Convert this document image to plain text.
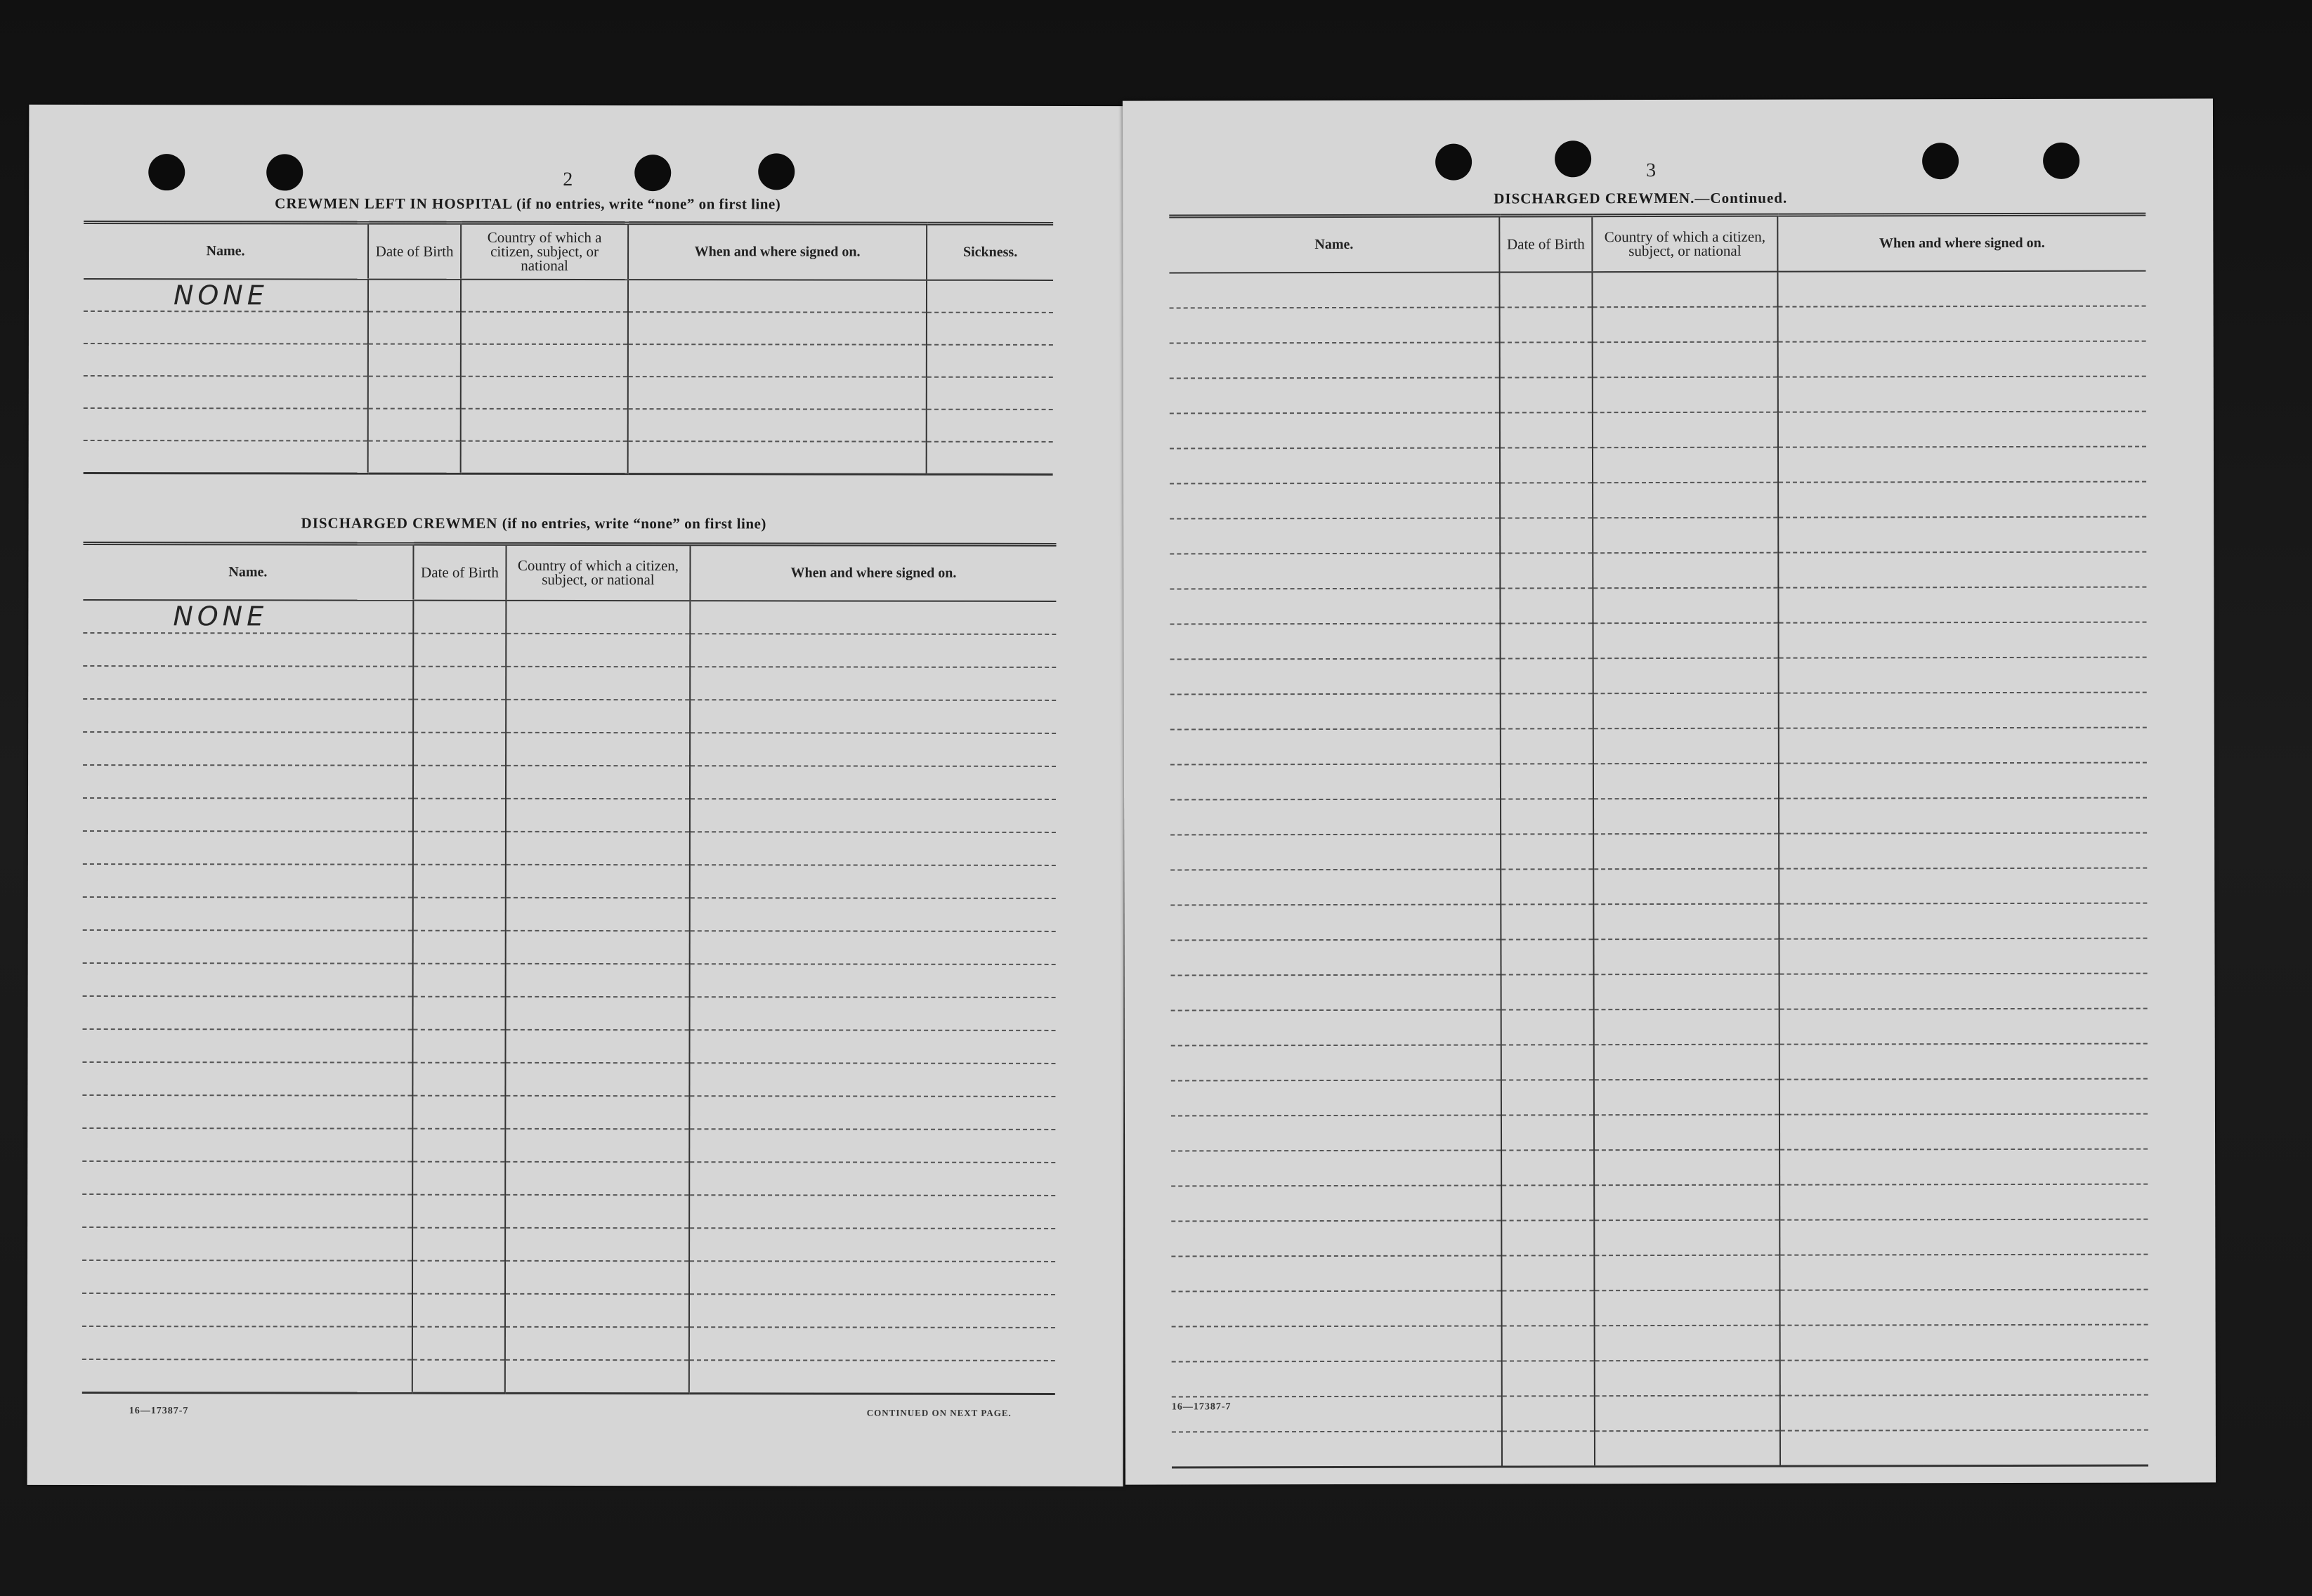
2
CREWMEN LEFT IN HOSPITAL (if no entries, write “none” on first line)
Name.	Date of Birth	Country of which a citizen, subject, or national	When and where signed on.	Sickness.
NONE				

DISCHARGED CREWMEN (if no entries, write “none” on first line)
Name.	Date of Birth	Country of which a citizen, subject, or national	When and where signed on.
NONE			

16—17387-7	CONTINUED ON NEXT PAGE.
3
DISCHARGED CREWMEN.—Continued.
Name.	Date of Birth	Country of which a citizen, subject, or national	When and where signed on.

16—17387-7
